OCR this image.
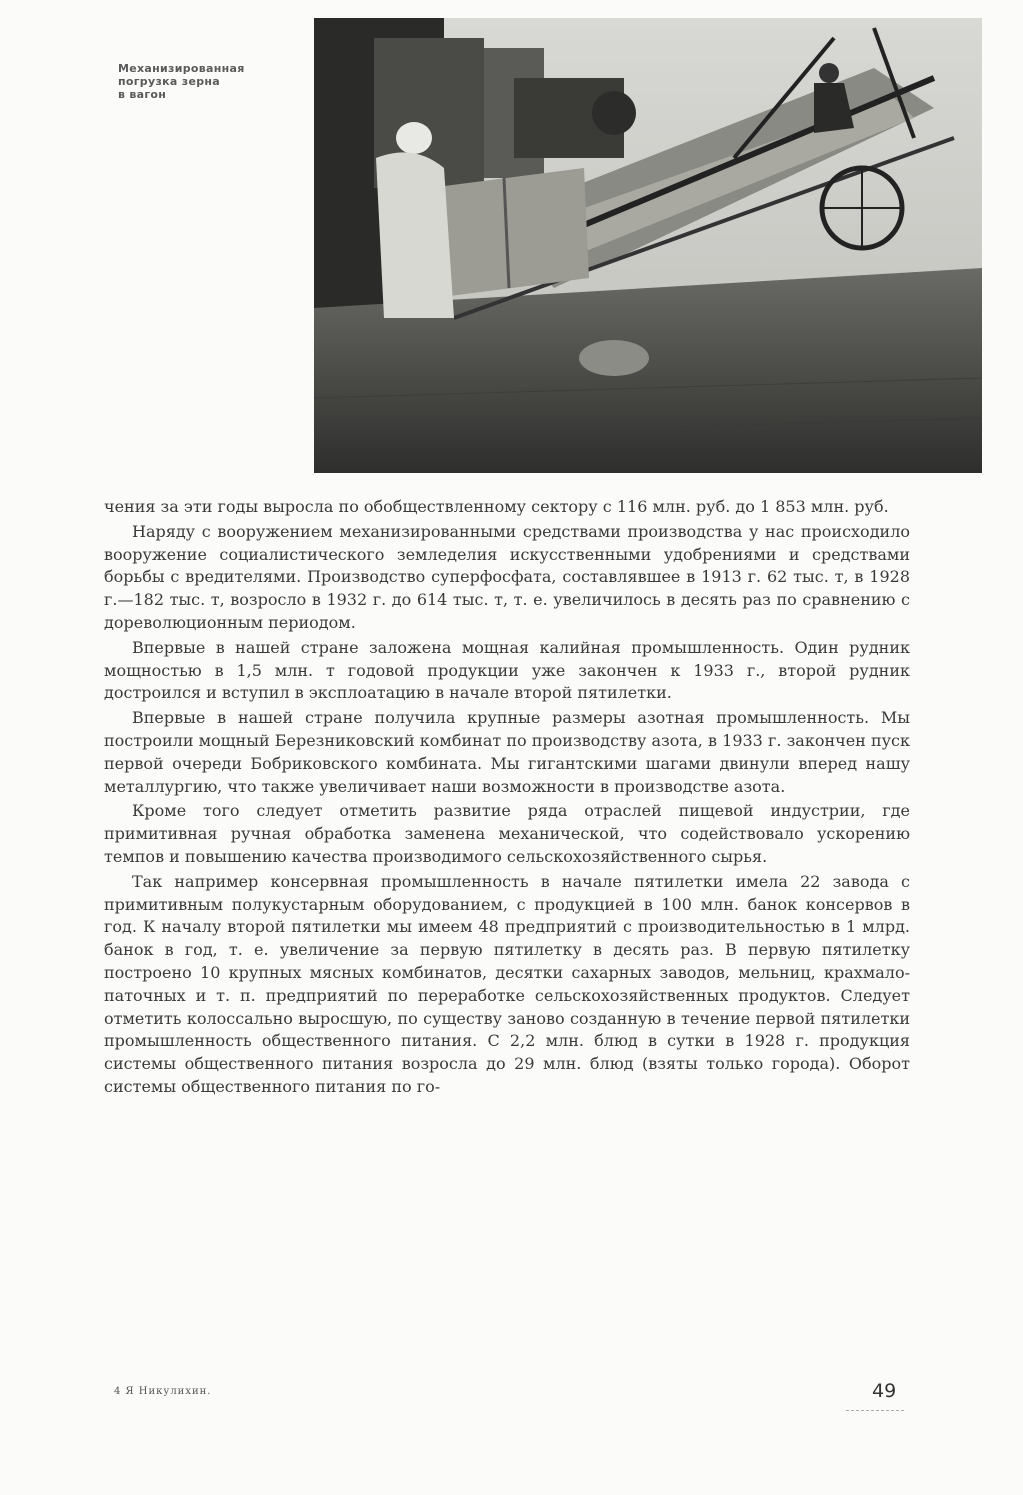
Механизированная
погрузка зерна
в вагон

чения за эти годы выросла по обобществленному сектору с 116 млн. руб. до 1 853 млн. руб.

Наряду с вооружением механизированными средствами производства у нас происходило вооружение социалистического земледелия искусственными удобрениями и средствами борьбы с вредителями. Производство суперфосфата, составлявшее в 1913 г. 62 тыс. т, в 1928 г.—182 тыс. т, возросло в 1932 г. до 614 тыс. т, т. е. увеличилось в десять раз по сравнению с дореволюционным периодом.

Впервые в нашей стране заложена мощная калийная промышленность. Один рудник мощностью в 1,5 млн. т годовой продукции уже закончен к 1933 г., второй рудник достроился и вступил в эксплоатацию в начале второй пятилетки.

Впервые в нашей стране получила крупные размеры азотная промышленность. Мы построили мощный Березниковский комбинат по производству азота, в 1933 г. закончен пуск первой очереди Бобриковского комбината. Мы гигантскими шагами двинули вперед нашу металлургию, что также увеличивает наши возможности в производстве азота.

Кроме того следует отметить развитие ряда отраслей пищевой индустрии, где примитивная ручная обработка заменена механической, что содействовало ускорению темпов и повышению качества производимого сельскохозяйственного сырья.

Так например консервная промышленность в начале пятилетки имела 22 завода с примитивным полукустарным оборудованием, с продукцией в 100 млн. банок консервов в год. К началу второй пятилетки мы имеем 48 предприятий с производительностью в 1 млрд. банок в год, т. е. увеличение за первую пятилетку в десять раз. В первую пятилетку построено 10 крупных мясных комбинатов, десятки сахарных заводов, мельниц, крахмало-паточных и т. п. предприятий по переработке сельскохозяйственных продуктов. Следует отметить колоссально выросшую, по существу заново созданную в течение первой пятилетки промышленность общественного питания. С 2,2 млн. блюд в сутки в 1928 г. продукция системы общественного питания возросла до 29 млн. блюд (взяты только города). Оборот системы общественного питания по го-

4 Я Никулихин.	49
